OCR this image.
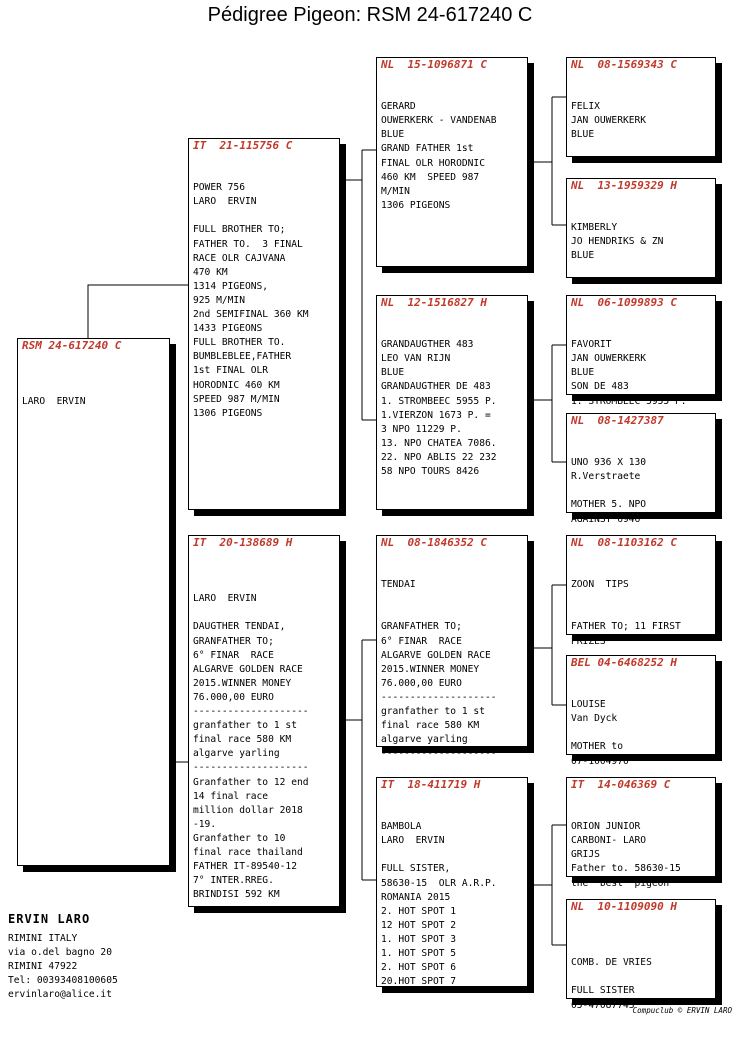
Pédigree Pigeon: RSM 24-617240 C
RSM 24-617240 C

LARO  ERVIN

IT  21-115756 C

POWER 756
LARO  ERVIN

FULL BROTHER TO;
FATHER TO.  3 FINAL
RACE OLR CAJVANA
470 KM
1314 PIGEONS,
925 M/MIN
2nd SEMIFINAL 360 KM
1433 PIGEONS
FULL BROTHER TO.
BUMBLEBLEE,FATHER
1st FINAL OLR
HORODNIC 460 KM
SPEED 987 M/MIN
1306 PIGEONS

IT  20-138689 H

LARO  ERVIN

DAUGTHER TENDAI,
GRANFATHER TO;
6° FINAR  RACE
ALGARVE GOLDEN RACE
2015.WINNER MONEY
76.000,00 EURO
--------------------
granfather to 1 st
final race 580 KM
algarve yarling
--------------------
Granfather to 12 end
14 final race
million dollar 2018
-19.
Granfather to 10
final race thailand
FATHER IT-89540-12
7° INTER.RREG.
BRINDISI 592 KM

NL  15-1096871 C

GERARD
OUWERKERK - VANDENAB
BLUE
GRAND FATHER 1st
FINAL OLR HORODNIC
460 KM  SPEED 987
M/MIN
1306 PIGEONS

NL  12-1516827 H

GRANDAUGTHER 483
LEO VAN RIJN
BLUE
GRANDAUGTHER DE 483
1. STROMBEEC 5955 P.
1.VIERZON 1673 P. =
3 NPO 11229 P.
13. NPO CHATEA 7086.
22. NPO ABLIS 22 232
58 NPO TOURS 8426

NL  08-1846352 C

TENDAI

GRANFATHER TO;
6° FINAR  RACE
ALGARVE GOLDEN RACE
2015.WINNER MONEY
76.000,00 EURO
--------------------
granfather to 1 st
final race 580 KM
algarve yarling
--------------------

IT  18-411719 H

BAMBOLA
LARO  ERVIN

FULL SISTER,
58630-15  OLR A.R.P.
ROMANIA 2015
2. HOT SPOT 1
12 HOT SPOT 2
1. HOT SPOT 3
1. HOT SPOT 5
2. HOT SPOT 6
20.HOT SPOT 7

NL  08-1569343 C

FELIX
JAN OUWERKERK
BLUE

NL  13-1959329 H

KIMBERLY
JO HENDRIKS & ZN
BLUE

NL  06-1099893 C

FAVORIT
JAN OUWERKERK
BLUE
SON DE 483
1. STROMBEEC 5955 P.

NL  08-1427387

UNO 936 X 130
R.Verstraete

MOTHER 5. NPO
AGAINST 6946

NL  08-1103162 C

ZOON  TIPS

FATHER TO; 11 FIRST
PRIZES

BEL 04-6468252 H

LOUISE
Van Dyck

MOTHER to
07-1004970

IT  14-046369 C

ORION JUNIOR
CARBONI- LARO
GRIJS
Father to. 58630-15
the  best  pigeon

NL  10-1109090 H

COMB. DE VRIES

FULL SISTER
05-47087743

ERVIN LARO
RIMINI ITALY
via o.del bagno 20
RIMINI 47922
Tel: 00393408100605
ervinlaro@alice.it
Compuclub © ERVIN LARO
